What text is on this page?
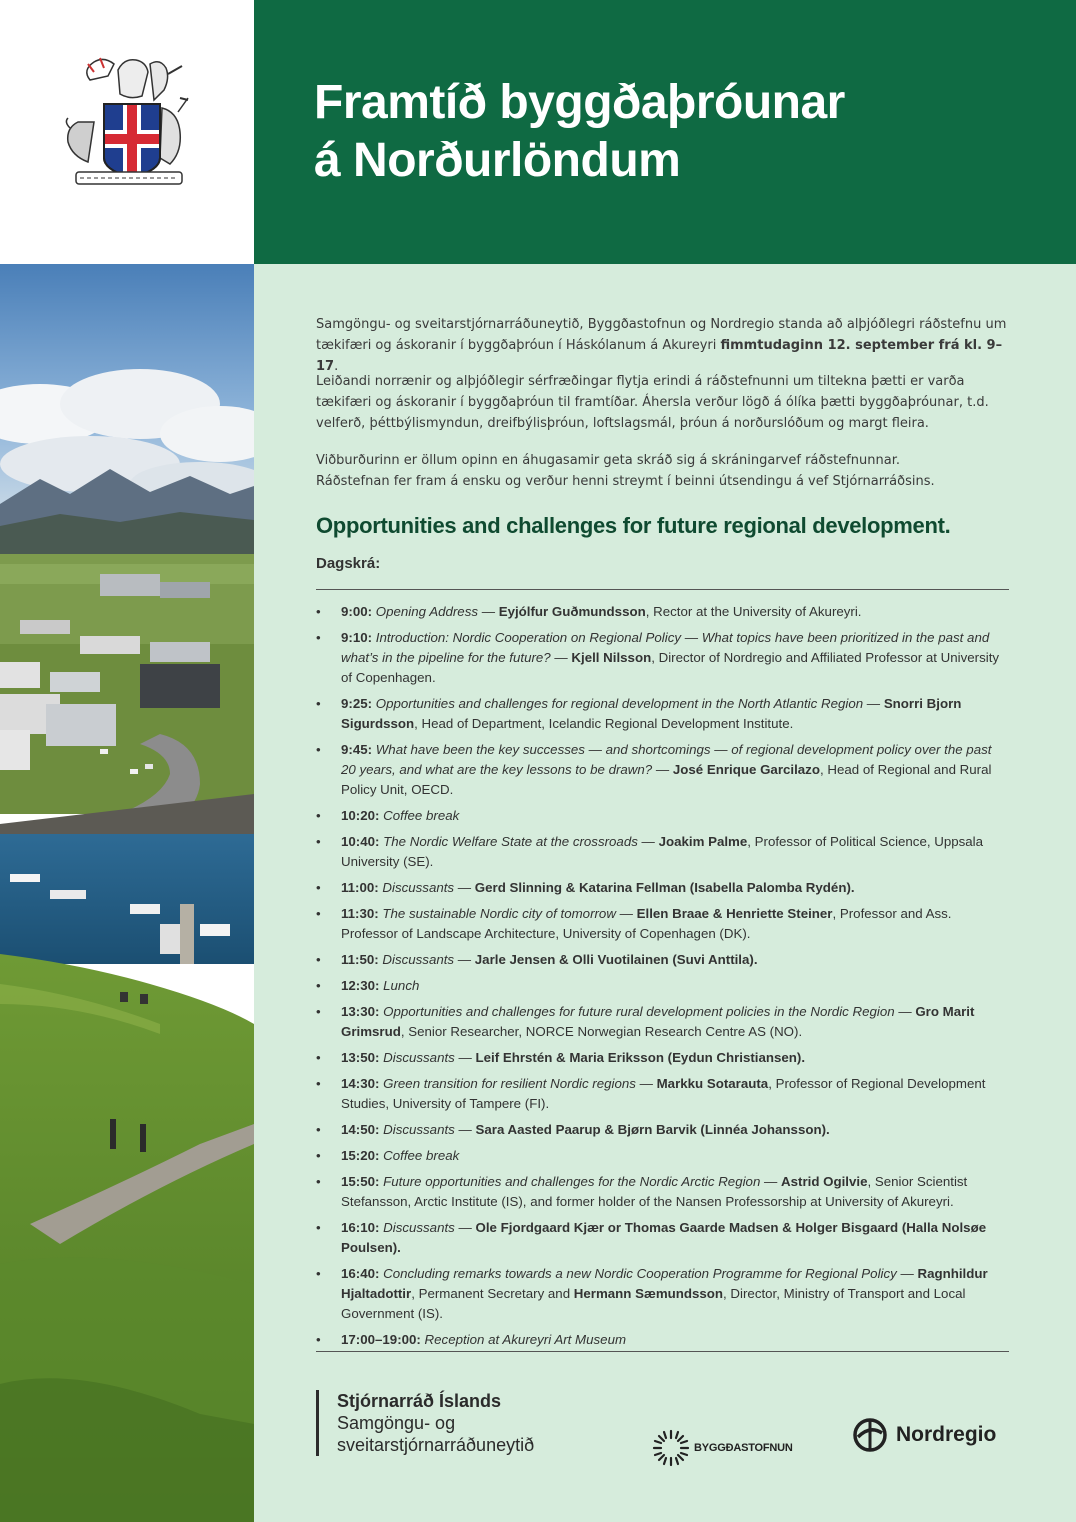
Framtíð byggðaþróunar
á Norðurlöndum

Samgöngu- og sveitarstjórnarráðuneytið, Byggðastofnun og Nordregio standa að alþjóðlegri ráðstefnu um tækifæri og áskoranir í byggðaþróun í Háskólanum á Akureyri fimmtudaginn 12. september frá kl. 9–17.

Leiðandi norrænir og alþjóðlegir sérfræðingar flytja erindi á ráðstefnunni um tiltekna þætti er varða tækifæri og áskoranir í byggðaþróun til framtíðar. Áhersla verður lögð á ólíka þætti byggðaþróunar, t.d. velferð, þéttbýlismyndun, dreifbýlisþróun, loftslagsmál, þróun á norðurslóðum og margt fleira.

Viðburðurinn er öllum opinn en áhugasamir geta skráð sig á skráningarvef ráðstefnunnar.
Ráðstefnan fer fram á ensku og verður henni streymt í beinni útsendingu á vef Stjórnarráðsins.

Opportunities and challenges for future regional development.
Dagskrá:
• 9:00: Opening Address — Eyjólfur Guðmundsson, Rector at the University of Akureyri.
• 9:10: Introduction: Nordic Cooperation on Regional Policy — What topics have been prioritized in the past and what’s in the pipeline for the future? — Kjell Nilsson, Director of Nordregio and Affiliated Professor at University of Copenhagen.
• 9:25: Opportunities and challenges for regional development in the North Atlantic Region — Snorri Bjorn Sigurdsson, Head of Department, Icelandic Regional Development Institute.
• 9:45: What have been the key successes — and shortcomings — of regional development policy over the past 20 years, and what are the key lessons to be drawn? — José Enrique Garcilazo, Head of Regional and Rural Policy Unit, OECD.
• 10:20: Coffee break
• 10:40: The Nordic Welfare State at the crossroads — Joakim Palme, Professor of Political Science, Uppsala University (SE).
• 11:00: Discussants — Gerd Slinning & Katarina Fellman (Isabella Palomba Rydén).
• 11:30: The sustainable Nordic city of tomorrow — Ellen Braae & Henriette Steiner, Professor and Ass. Professor of Landscape Architecture, University of Copenhagen (DK).
• 11:50: Discussants — Jarle Jensen & Olli Vuotilainen (Suvi Anttila).
• 12:30: Lunch
• 13:30: Opportunities and challenges for future rural development policies in the Nordic Region — Gro Marit Grimsrud, Senior Researcher, NORCE Norwegian Research Centre AS (NO).
• 13:50: Discussants — Leif Ehrstén & Maria Eriksson (Eydun Christiansen).
• 14:30: Green transition for resilient Nordic regions — Markku Sotarauta, Professor of Regional Development Studies, University of Tampere (FI).
• 14:50: Discussants — Sara Aasted Paarup & Bjørn Barvik (Linnéa Johansson).
• 15:20: Coffee break
• 15:50: Future opportunities and challenges for the Nordic Arctic Region — Astrid Ogilvie, Senior Scientist Stefansson, Arctic Institute (IS), and former holder of the Nansen Professorship at University of Akureyri.
• 16:10: Discussants — Ole Fjordgaard Kjær or Thomas Gaarde Madsen & Holger Bisgaard (Halla Nolsøe Poulsen).
• 16:40: Concluding remarks towards a new Nordic Cooperation Programme for Regional Policy — Ragnhildur Hjaltadottir, Permanent Secretary and Hermann Sæmundsson, Director, Ministry of Transport and Local Government (IS).
• 17:00–19:00: Reception at Akureyri Art Museum
Stjórnarráð Íslands
Samgöngu- og
sveitarstjórnarráðuneytið	BYGGÐASTOFNUN
Nordregio
